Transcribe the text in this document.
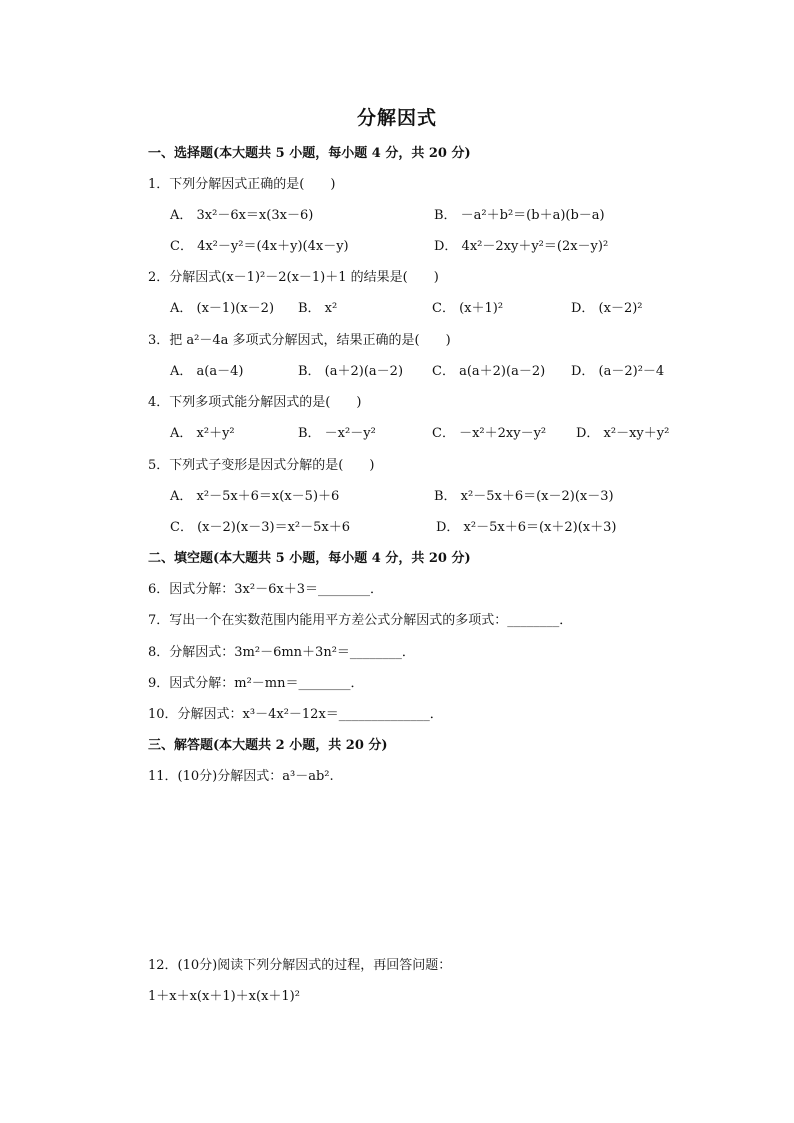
分解因式
一、选择题(本大题共 5 小题，每小题 4 分，共 20 分)
1．下列分解因式正确的是(　　)
A． 3x²－6x＝x(3x－6)	B． －a²＋b²＝(b＋a)(b－a)
C． 4x²－y²＝(4x＋y)(4x－y)	D． 4x²－2xy＋y²＝(2x－y)²
2．分解因式(x－1)²－2(x－1)＋1 的结果是(　　)
A． (x－1)(x－2) B． x²	C． (x＋1)²	D． (x－2)²
3．把 a²－4a 多项式分解因式，结果正确的是(　　)
A． a(a－4)	B． (a＋2)(a－2) C． a(a＋2)(a－2) D． (a－2)²－4
4．下列多项式能分解因式的是(　　)
A． x²＋y²	B． －x²－y²	C． －x²＋2xy－y² D． x²－xy＋y²
5．下列式子变形是因式分解的是(　　)
A． x²－5x＋6＝x(x－5)＋6	B． x²－5x＋6＝(x－2)(x－3)
C． (x－2)(x－3)＝x²－5x＋6	D． x²－5x＋6＝(x＋2)(x＋3)
二、填空题(本大题共 5 小题，每小题 4 分，共 20 分)
6．因式分解：3x²－6x＋3＝________．
7．写出一个在实数范围内能用平方差公式分解因式的多项式：________．
8．分解因式：3m²－6mn＋3n²＝________．
9．因式分解：m²－mn＝________．
10．分解因式：x³－4x²－12x＝______________．
三、解答题(本大题共 2 小题，共 20 分)
11．(10分)分解因式：a³－ab².
12．(10分)阅读下列分解因式的过程，再回答问题：
1＋x＋x(x＋1)＋x(x＋1)²
